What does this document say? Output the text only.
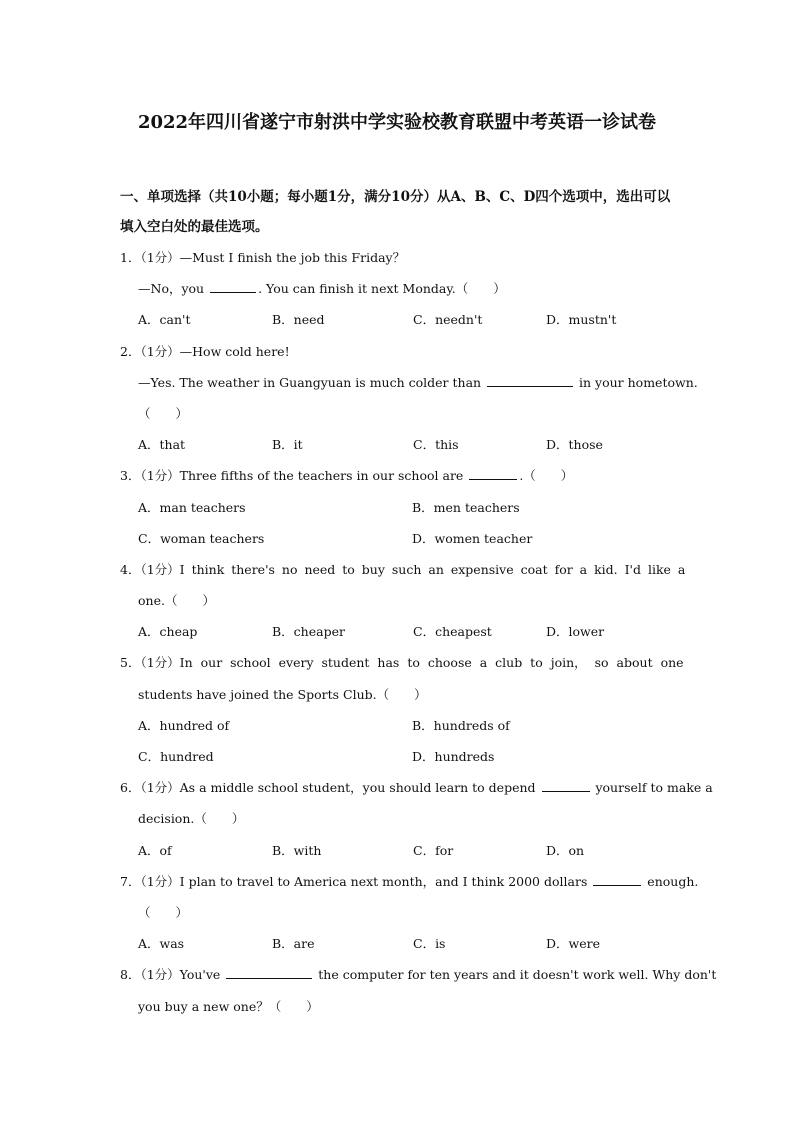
2022年四川省遂宁市射洪中学实验校教育联盟中考英语一诊试卷

一、单项选择（共10小题；每小题1分，满分10分）从A、B、C、D四个选项中，选出可以填入空白处的最佳选项。

1．（1分）—Must I finish the job this Friday？
—No，you	. You can finish it next Monday.（　　）
A．can't	B．need	C．needn't	D．mustn't
2．（1分）—How cold here!
—Yes. The weather in Guangyuan is much colder than	in your hometown.
（　　）
A．that	B．it	C．this	D．those
3．（1分）Three fifths of the teachers in our school are	.（　　）
A．man teachers	B．men teachers
C．woman teachers	D．women teacher
4．（1分）I think there's no need to buy such an expensive coat for a kid. I'd like a
one.（　　）
A．cheap	B．cheaper	C．cheapest	D．lower
5．（1分）In our school every student has to choose a club to join， so about one
students have joined the Sports Club.（　　）
A．hundred of	B．hundreds of
C．hundred	D．hundreds
6．（1分）As a middle school student，you should learn to depend	yourself to make a
decision.（　　）
A．of	B．with	C．for	D．on
7．（1分）I plan to travel to America next month，and I think 2000 dollars	enough.
（　　）
A．was	B．are	C．is	D．were
8．（1分）You've	the computer for ten years and it doesn't work well. Why don't
you buy a new one？（　　）
